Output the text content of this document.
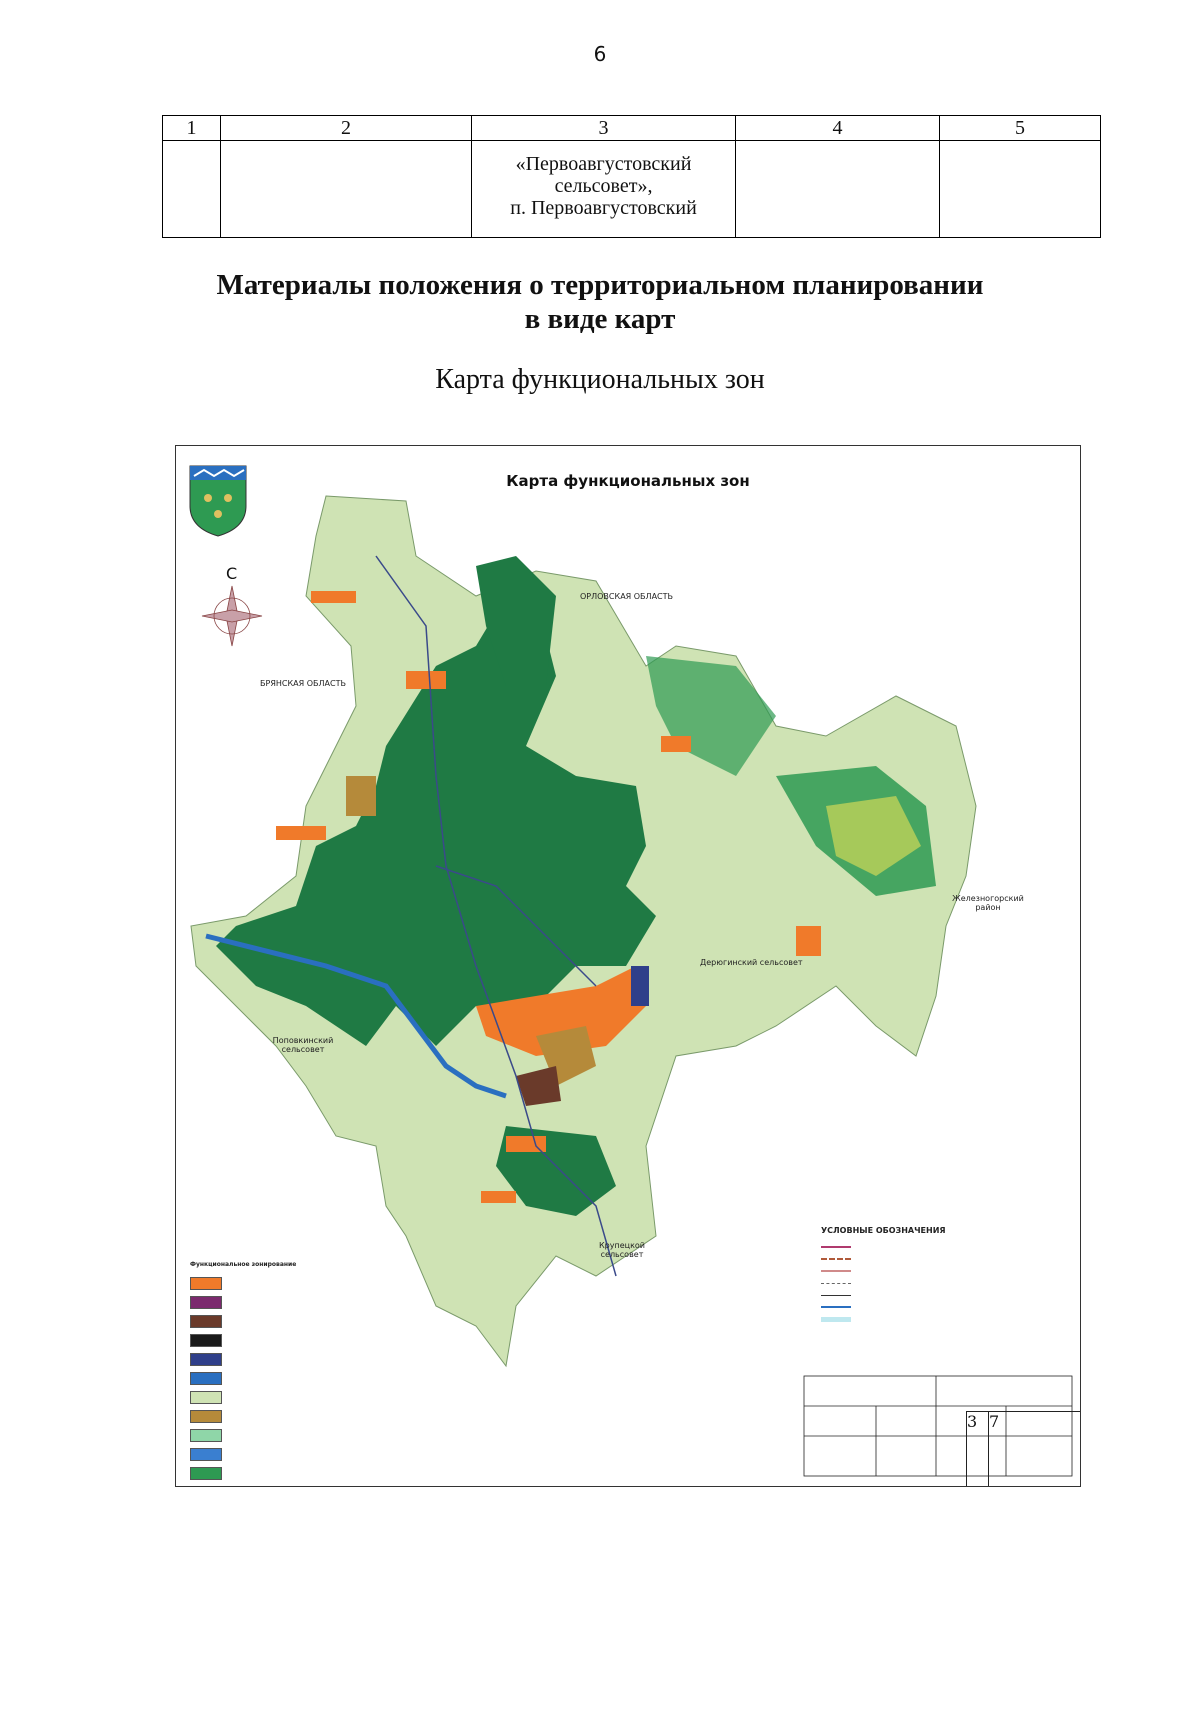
6
1	2	3	4	5
		«Первоавгустовский
сельсовет»,
п. Первоавгустовский		
Материалы положения о территориальном планировании
в виде карт
Карта функциональных зон
Карта функциональных зон
С
ОРЛОВСКАЯ ОБЛАСТЬ
БРЯНСКАЯ ОБЛАСТЬ
Железногорский район
Дерюгинский сельсовет
Поповкинский сельсовет
Крупецкой сельсовет
Функциональное зонирование
УСЛОВНЫЕ ОБОЗНАЧЕНИЯ
3 7
